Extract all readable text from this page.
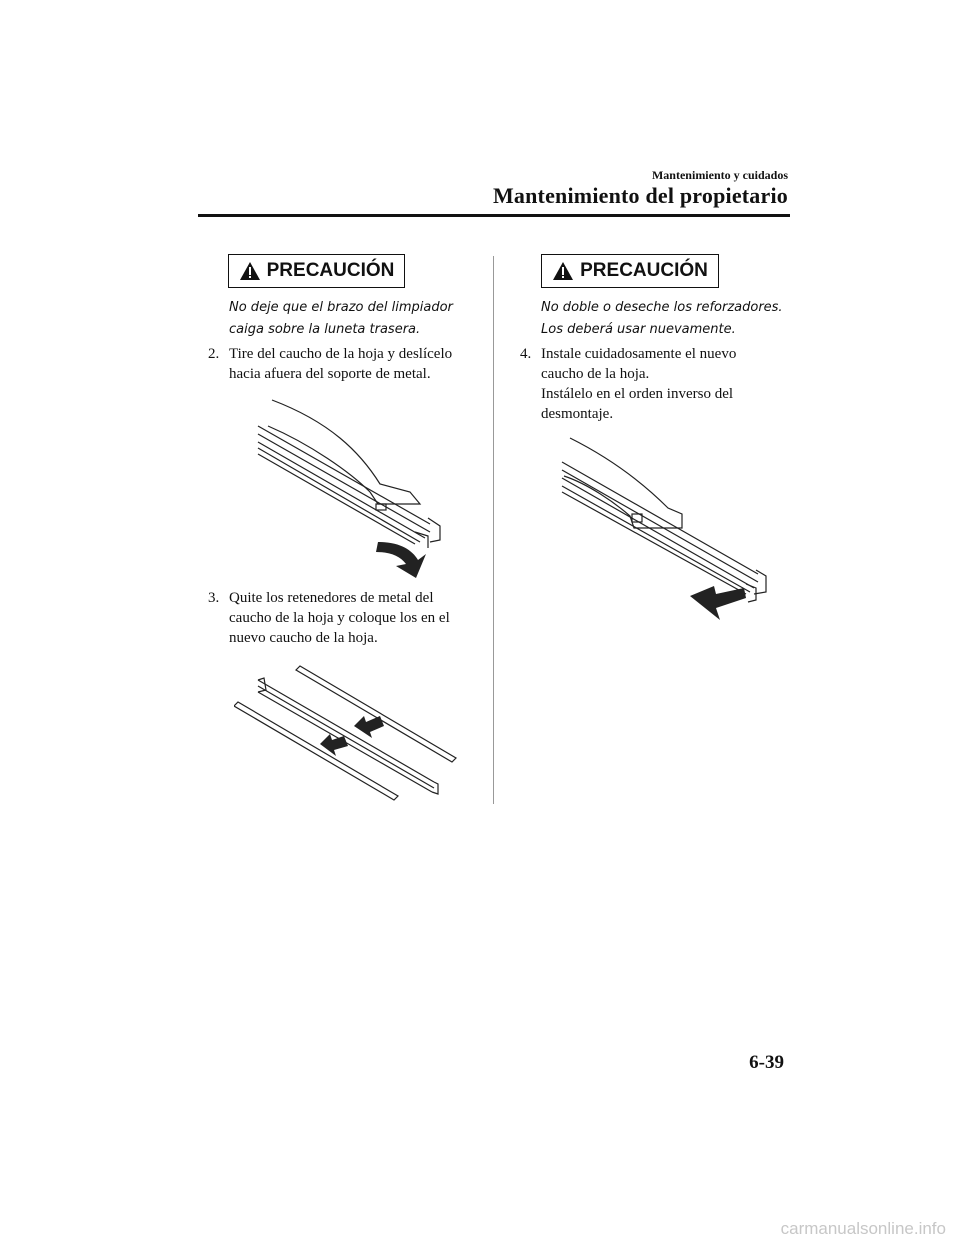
Mantenimiento y cuidados
Mantenimiento del propietario
PRECAUCIÓN
No deje que el brazo del limpiador
caiga sobre la luneta trasera.
2. Tire del caucho de la hoja y deslícelo
hacia afuera del soporte de metal.
3. Quite los retenedores de metal del
caucho de la hoja y coloque los en el
nuevo caucho de la hoja.
PRECAUCIÓN
No doble o deseche los reforzadores.
Los deberá usar nuevamente.
4. Instale cuidadosamente el nuevo
caucho de la hoja.
Instálelo en el orden inverso del
desmontaje.
6-39
carmanualsonline.info
